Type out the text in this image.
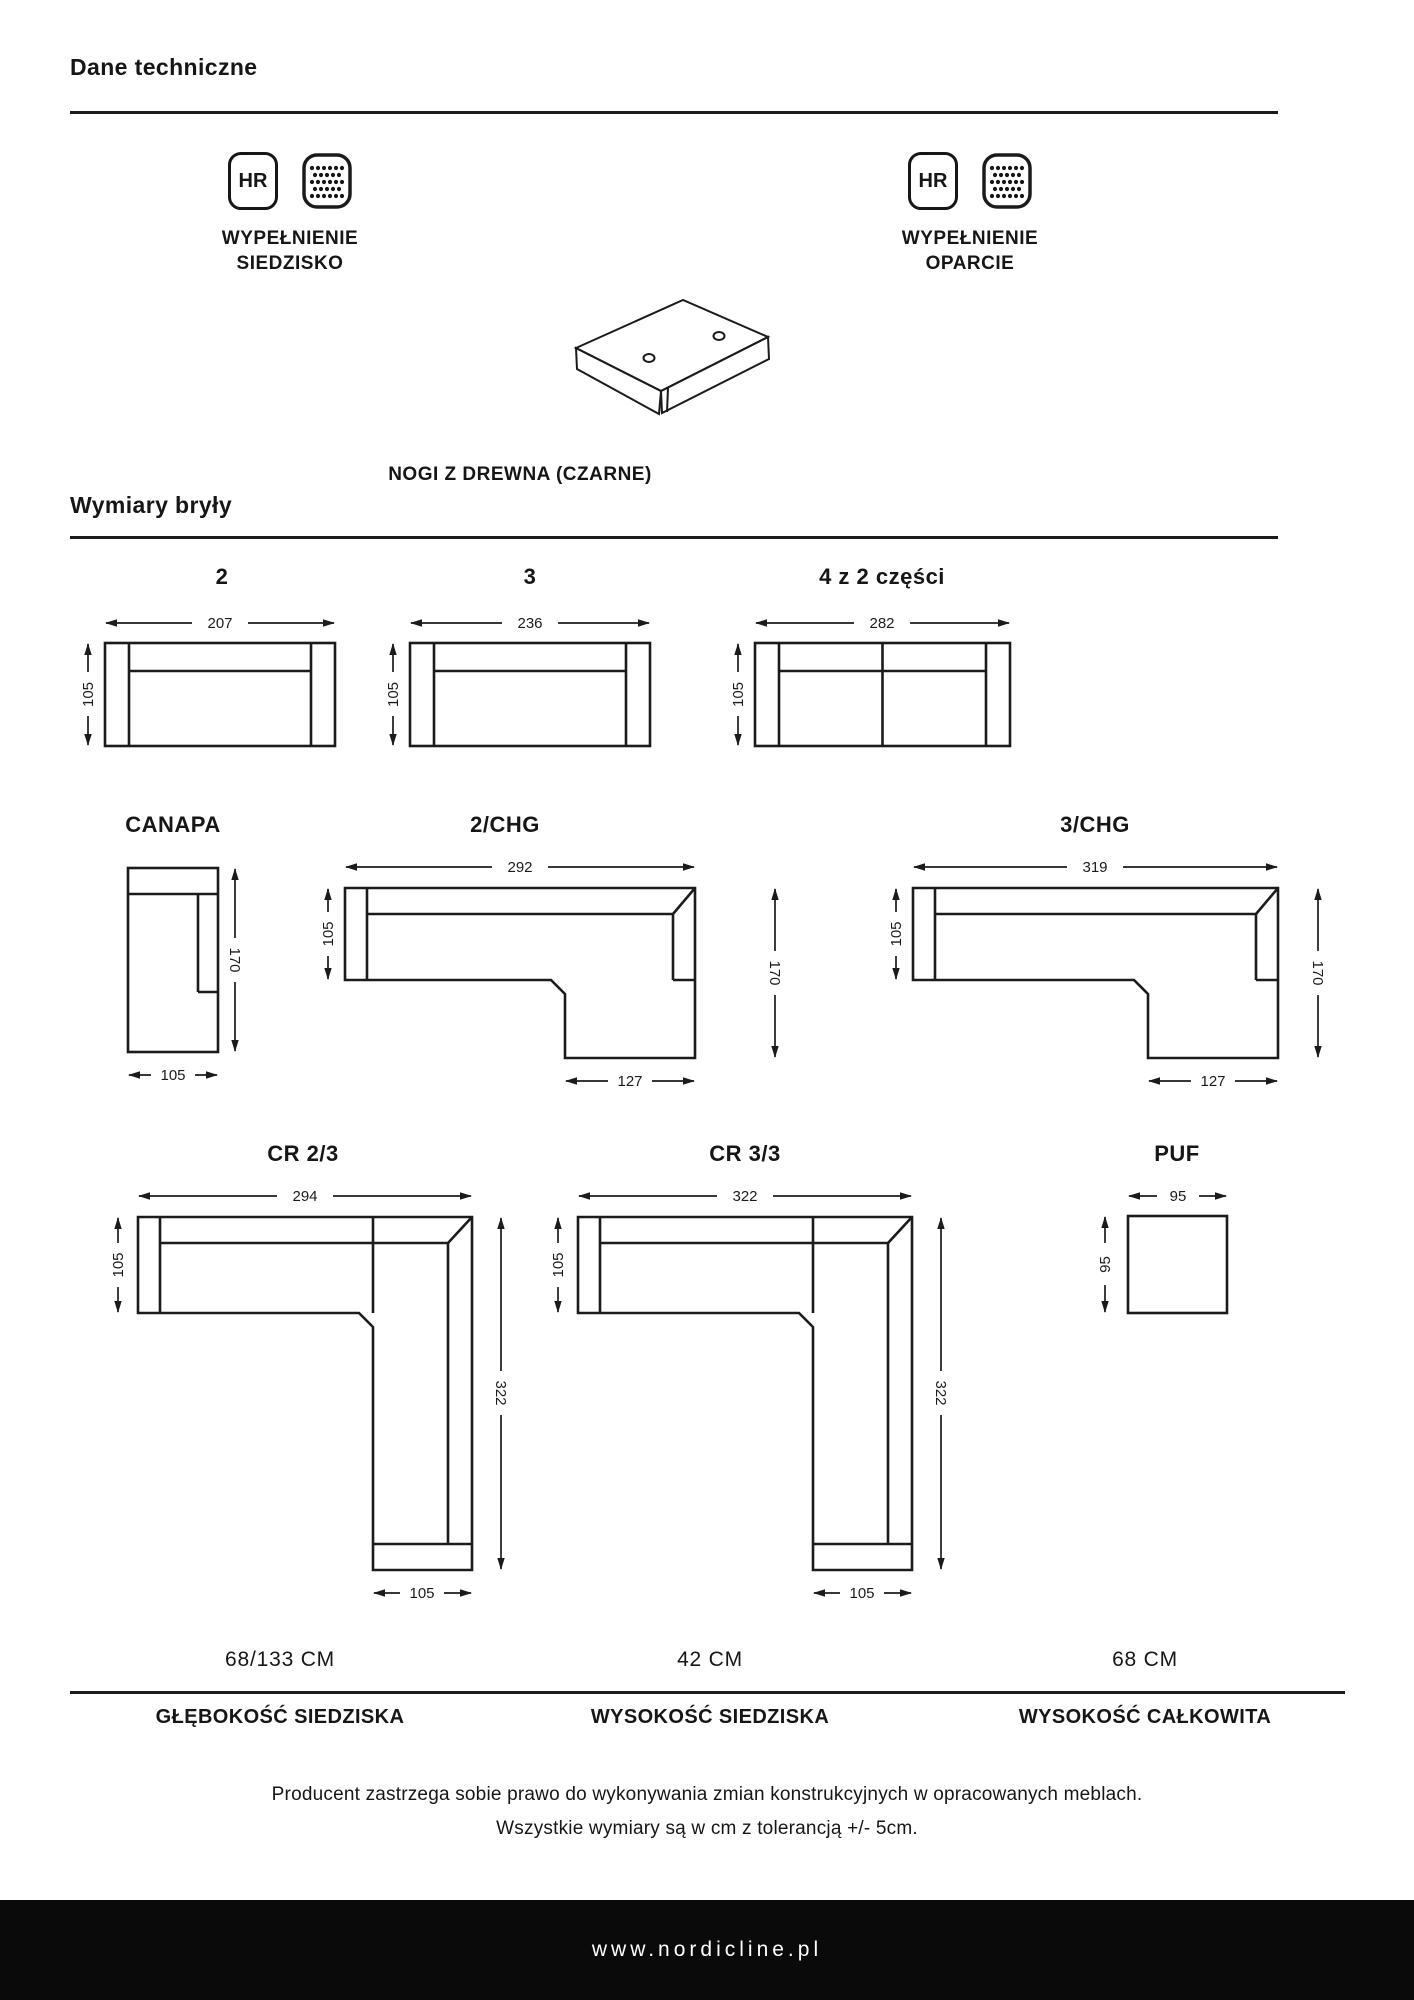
Dane techniczne
HR
WYPEŁNIENIE
SIEDZISKO
HR
WYPEŁNIENIE
OPARCIE
NOGI Z DREWNA (CZARNE)
Wymiary bryły
2	3	4 z 2 części
207
105
236
105
282
105
CANAPA	2/CHG	3/CHG
170
105
292
105
170
127
319
105
170
127
CR 2/3	CR 3/3	PUF
294
105
322
105
322
105
322
105
95
95
68/133 CM	42 CM	68 CM
GŁĘBOKOŚĆ SIEDZISKA	WYSOKOŚĆ SIEDZISKA	WYSOKOŚĆ CAŁKOWITA
Producent zastrzega sobie prawo do wykonywania zmian konstrukcyjnych w opracowanych meblach.
Wszystkie wymiary są w cm z tolerancją +/- 5cm.
www.nordicline.pl
